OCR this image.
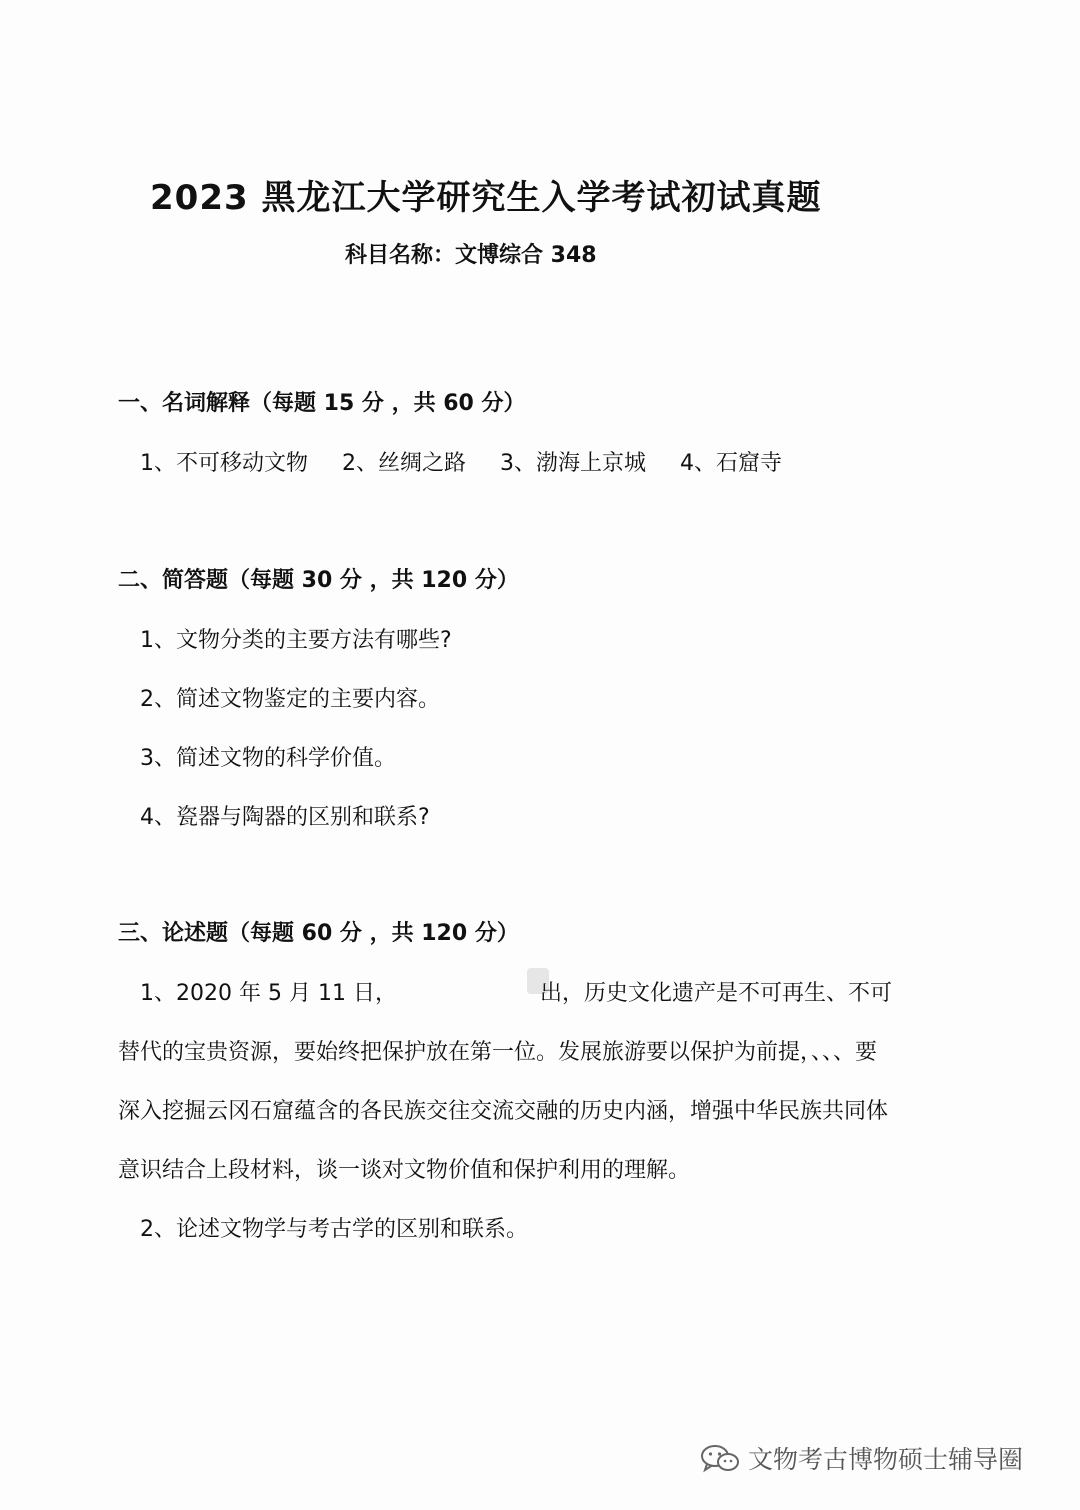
2023 黑龙江大学研究生入学考试初试真题
科目名称：文博综合 348
一、名词解释（每题 15 分 ，共 60 分）
1、不可移动文物 2、丝绸之路 3、渤海上京城 4、石窟寺
二、简答题（每题 30 分 ，共 120 分）
1、文物分类的主要方法有哪些?
2、简述文物鉴定的主要内容。
3、简述文物的科学价值。
4、瓷器与陶器的区别和联系?
三、论述题（每题 60 分 ，共 120 分）
1、2020 年 5 月 11 日，	出，历史文化遗产是不可再生、不可
替代的宝贵资源，要始终把保护放在第一位。发展旅游要以保护为前提，、、、要
深入挖掘云冈石窟蕴含的各民族交往交流交融的历史内涵，增强中华民族共同体
意识结合上段材料，谈一谈对文物价值和保护利用的理解。
2、论述文物学与考古学的区别和联系。
文物考古博物硕士辅导圈
